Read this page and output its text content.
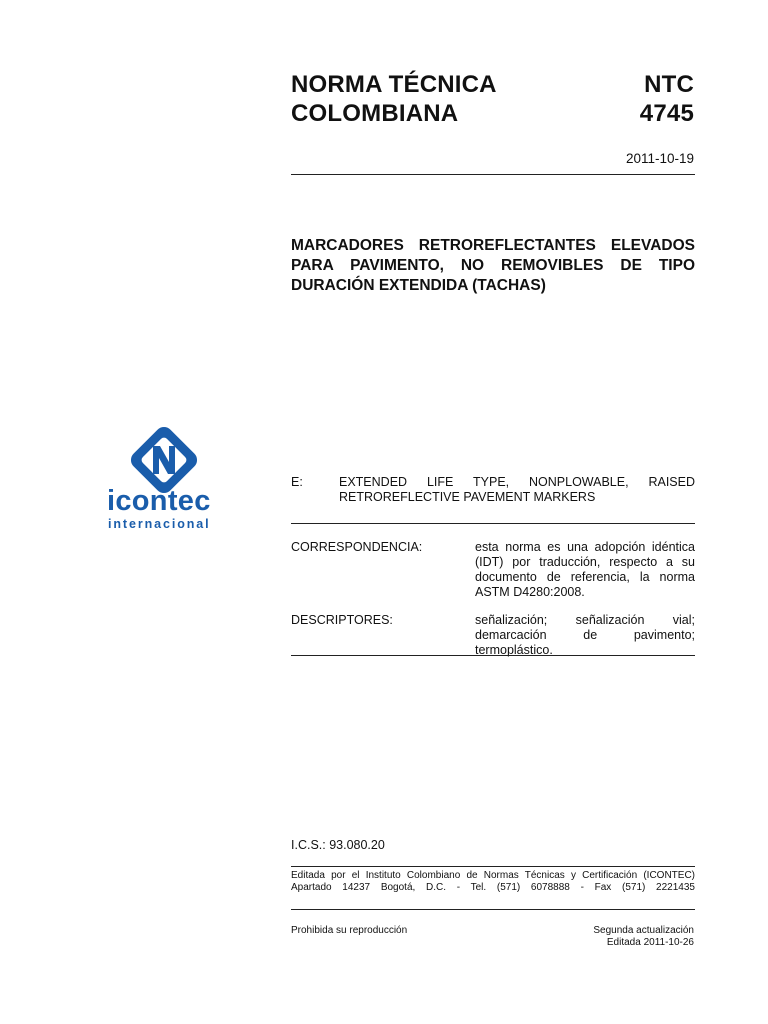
NORMA TÉCNICA
COLOMBIANA
NTC
4745
2011-10-19
MARCADORES RETROREFLECTANTES ELEVADOS
PARA PAVIMENTO, NO REMOVIBLES DE TIPO
DURACIÓN EXTENDIDA (TACHAS)
icontec
internacional
E:	EXTENDED LIFE TYPE, NONPLOWABLE, RAISED
RETROREFLECTIVE PAVEMENT MARKERS
CORRESPONDENCIA:	esta norma es una adopción idéntica
(IDT) por traducción, respecto a su
documento de referencia, la norma
ASTM D4280:2008.
DESCRIPTORES:	señalización; señalización vial;
demarcación de pavimento;
termoplástico.
I.C.S.: 93.080.20
Editada por el Instituto Colombiano de Normas Técnicas y Certificación (ICONTEC)
Apartado 14237 Bogotá, D.C. - Tel. (571) 6078888 - Fax (571) 2221435
Prohibida su reproducción	Segunda actualización
Editada 2011-10-26
